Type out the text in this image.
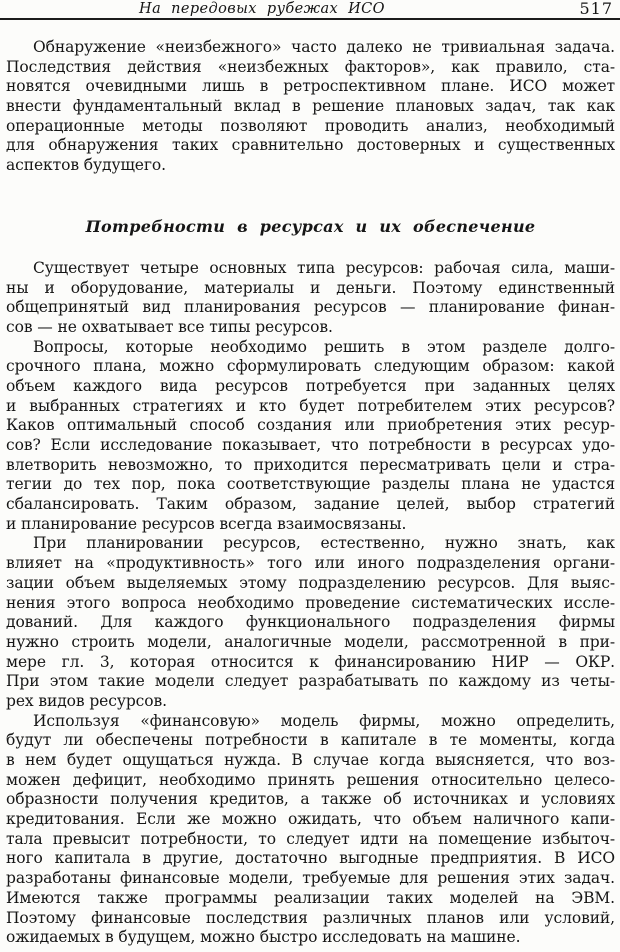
На передовых рубежах ИСО	517
Обнаружение «неизбежного» часто далеко не тривиальная задача.
Последствия действия «неизбежных факторов», как правило, ста-
новятся очевидными лишь в ретроспективном плане. ИСО может
внести фундаментальный вклад в решение плановых задач, так как
операционные методы позволяют проводить анализ, необходимый
для обнаружения таких сравнительно достоверных и существенных
аспектов будущего.
Потребности в ресурсах и их обеспечение
Существует четыре основных типа ресурсов: рабочая сила, маши-
ны и оборудование, материалы и деньги. Поэтому единственный
общепринятый вид планирования ресурсов — планирование финан-
сов — не охватывает все типы ресурсов.
Вопросы, которые необходимо решить в этом разделе долго-
срочного плана, можно сформулировать следующим образом: какой
объем каждого вида ресурсов потребуется при заданных целях
и выбранных стратегиях и кто будет потребителем этих ресурсов?
Каков оптимальный способ создания или приобретения этих ресур-
сов? Если исследование показывает, что потребности в ресурсах удо-
влетворить невозможно, то приходится пересматривать цели и стра-
тегии до тех пор, пока соответствующие разделы плана не удастся
сбалансировать. Таким образом, задание целей, выбор стратегий
и планирование ресурсов всегда взаимосвязаны.
При планировании ресурсов, естественно, нужно знать, как
влияет на «продуктивность» того или иного подразделения органи-
зации объем выделяемых этому подразделению ресурсов. Для выяс-
нения этого вопроса необходимо проведение систематических иссле-
дований. Для каждого функционального подразделения фирмы
нужно строить модели, аналогичные модели, рассмотренной в при-
мере гл. 3, которая относится к финансированию НИР — ОКР.
При этом такие модели следует разрабатывать по каждому из четы-
рех видов ресурсов.
Используя «финансовую» модель фирмы, можно определить,
будут ли обеспечены потребности в капитале в те моменты, когда
в нем будет ощущаться нужда. В случае когда выясняется, что воз-
можен дефицит, необходимо принять решения относительно целесо-
образности получения кредитов, а также об источниках и условиях
кредитования. Если же можно ожидать, что объем наличного капи-
тала превысит потребности, то следует идти на помещение избыточ-
ного капитала в другие, достаточно выгодные предприятия. В ИСО
разработаны финансовые модели, требуемые для решения этих задач.
Имеются также программы реализации таких моделей на ЭВМ.
Поэтому финансовые последствия различных планов или условий,
ожидаемых в будущем, можно быстро исследовать на машине.
